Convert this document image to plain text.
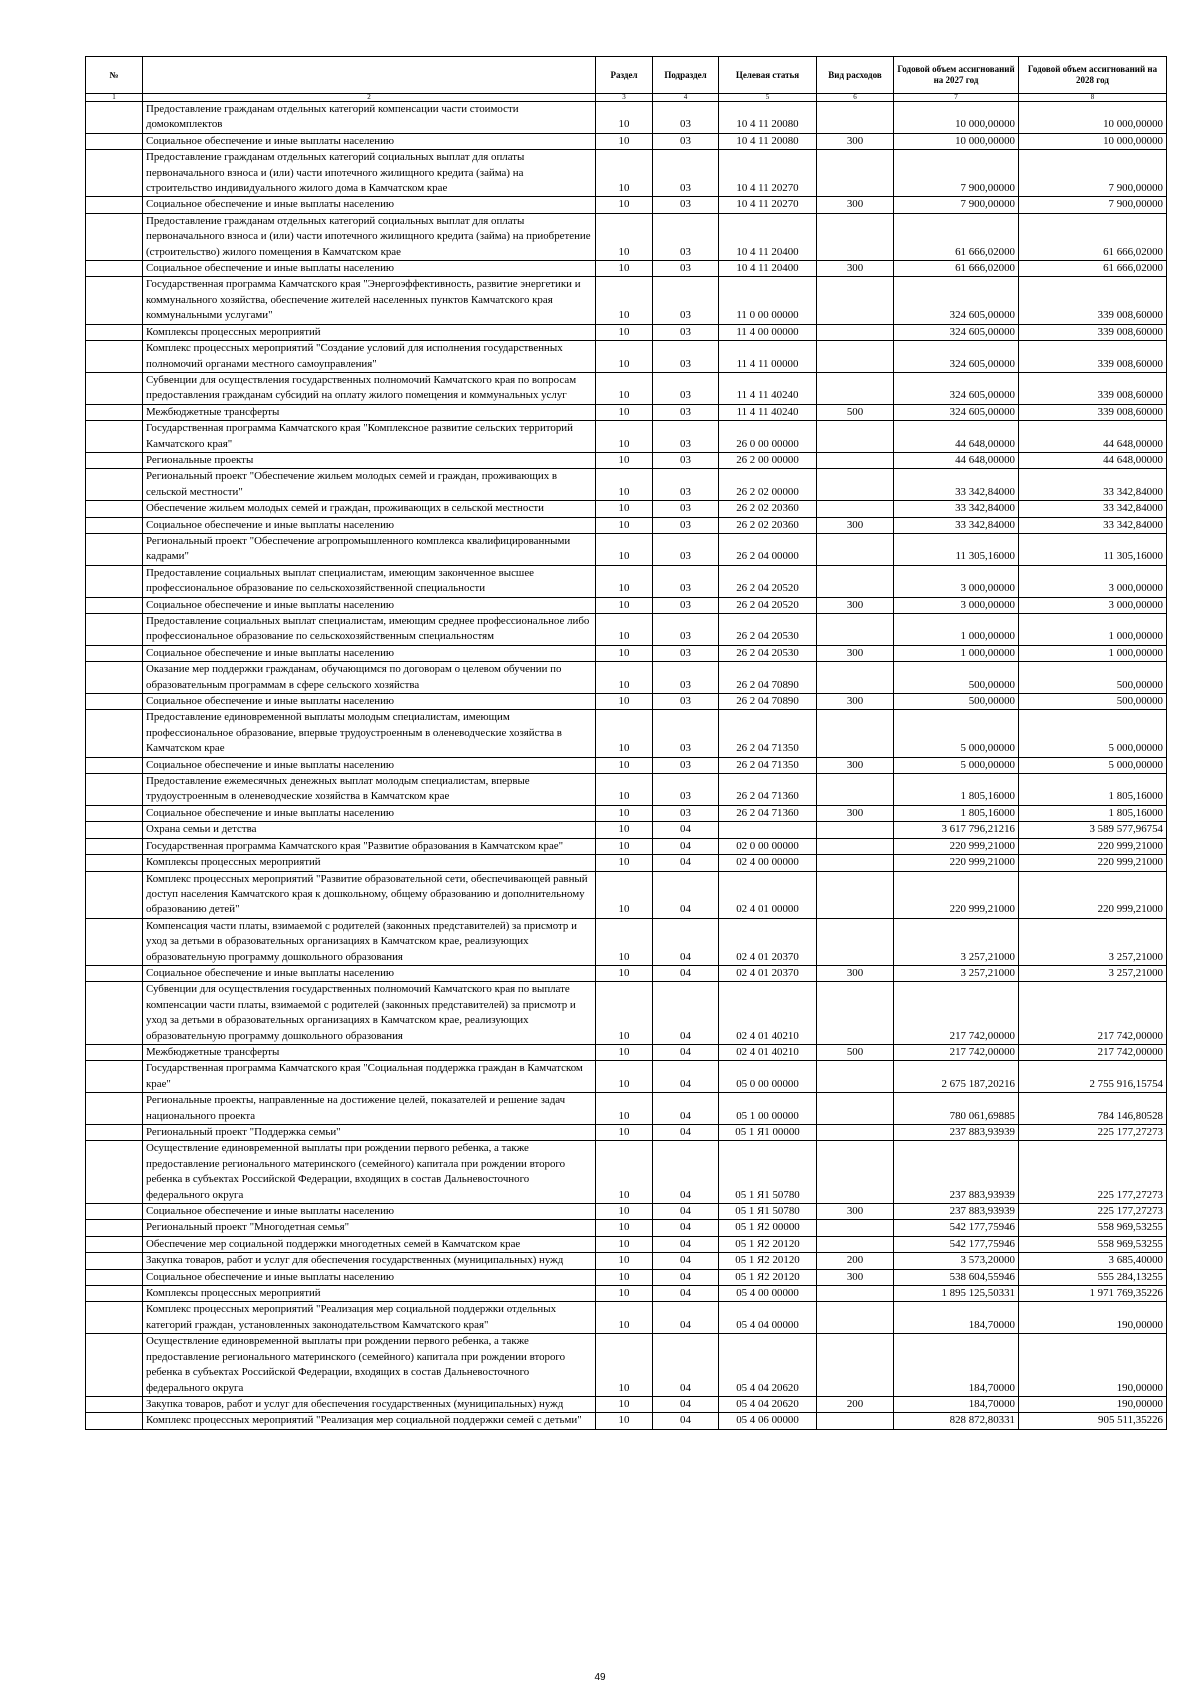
№		Раздел	Подраздел	Целевая статья	Вид расходов	Годовой объем ассигнований на 2027 год	Годовой объем ассигнований на 2028 год
1	2	3	4	5	6	7	8
	Предоставление гражданам отдельных категорий компенсации части стоимости домокомплектов	10	03	10 4 11 20080		10 000,00000	10 000,00000
	Социальное обеспечение и иные выплаты населению	10	03	10 4 11 20080	300	10 000,00000	10 000,00000
	Предоставление гражданам отдельных категорий социальных выплат для оплаты первоначального взноса и (или) части ипотечного жилищного кредита (займа) на строительство индивидуального жилого дома в Камчатском крае	10	03	10 4 11 20270		7 900,00000	7 900,00000
	Социальное обеспечение и иные выплаты населению	10	03	10 4 11 20270	300	7 900,00000	7 900,00000
	Предоставление гражданам отдельных категорий социальных выплат для оплаты первоначального взноса и (или) части ипотечного жилищного кредита (займа) на приобретение (строительство) жилого помещения в Камчатском крае	10	03	10 4 11 20400		61 666,02000	61 666,02000
	Социальное обеспечение и иные выплаты населению	10	03	10 4 11 20400	300	61 666,02000	61 666,02000
	Государственная программа Камчатского края "Энергоэффективность, развитие энергетики и коммунального хозяйства, обеспечение жителей населенных пунктов Камчатского края коммунальными услугами"	10	03	11 0 00 00000		324 605,00000	339 008,60000
	Комплексы процессных мероприятий	10	03	11 4 00 00000		324 605,00000	339 008,60000
	Комплекс процессных мероприятий "Создание условий для исполнения государственных полномочий органами местного самоуправления"	10	03	11 4 11 00000		324 605,00000	339 008,60000
	Субвенции для осуществления государственных полномочий Камчатского края по вопросам предоставления гражданам субсидий на оплату жилого помещения и коммунальных услуг	10	03	11 4 11 40240		324 605,00000	339 008,60000
	Межбюджетные трансферты	10	03	11 4 11 40240	500	324 605,00000	339 008,60000
	Государственная программа Камчатского края "Комплексное развитие сельских территорий Камчатского края"	10	03	26 0 00 00000		44 648,00000	44 648,00000
	Региональные проекты	10	03	26 2 00 00000		44 648,00000	44 648,00000
	Региональный проект "Обеспечение жильем молодых семей и граждан, проживающих в сельской местности"	10	03	26 2 02 00000		33 342,84000	33 342,84000
	Обеспечение жильем молодых семей и граждан, проживающих в сельской местности	10	03	26 2 02 20360		33 342,84000	33 342,84000
	Социальное обеспечение и иные выплаты населению	10	03	26 2 02 20360	300	33 342,84000	33 342,84000
	Региональный проект "Обеспечение агропромышленного комплекса квалифицированными кадрами"	10	03	26 2 04 00000		11 305,16000	11 305,16000
	Предоставление социальных выплат специалистам, имеющим законченное высшее профессиональное образование по сельскохозяйственной специальности	10	03	26 2 04 20520		3 000,00000	3 000,00000
	Социальное обеспечение и иные выплаты населению	10	03	26 2 04 20520	300	3 000,00000	3 000,00000
	Предоставление социальных выплат специалистам, имеющим среднее профессиональное либо профессиональное образование по сельскохозяйственным специальностям	10	03	26 2 04 20530		1 000,00000	1 000,00000
	Социальное обеспечение и иные выплаты населению	10	03	26 2 04 20530	300	1 000,00000	1 000,00000
	Оказание мер поддержки гражданам, обучающимся по договорам о целевом обучении по образовательным программам в сфере сельского хозяйства	10	03	26 2 04 70890		500,00000	500,00000
	Социальное обеспечение и иные выплаты населению	10	03	26 2 04 70890	300	500,00000	500,00000
	Предоставление единовременной выплаты молодым специалистам, имеющим профессиональное образование, впервые трудоустроенным в оленеводческие хозяйства в Камчатском крае	10	03	26 2 04 71350		5 000,00000	5 000,00000
	Социальное обеспечение и иные выплаты населению	10	03	26 2 04 71350	300	5 000,00000	5 000,00000
	Предоставление ежемесячных денежных выплат молодым специалистам, впервые трудоустроенным в оленеводческие хозяйства в Камчатском крае	10	03	26 2 04 71360		1 805,16000	1 805,16000
	Социальное обеспечение и иные выплаты населению	10	03	26 2 04 71360	300	1 805,16000	1 805,16000
	Охрана семьи и детства	10	04			3 617 796,21216	3 589 577,96754
	Государственная программа Камчатского края "Развитие образования в Камчатском крае"	10	04	02 0 00 00000		220 999,21000	220 999,21000
	Комплексы процессных мероприятий	10	04	02 4 00 00000		220 999,21000	220 999,21000
	Комплекс процессных мероприятий "Развитие образовательной сети, обеспечивающей равный доступ населения Камчатского края к дошкольному, общему образованию и дополнительному образованию детей"	10	04	02 4 01 00000		220 999,21000	220 999,21000
	Компенсация части платы, взимаемой с родителей (законных представителей) за присмотр и уход за детьми в образовательных организациях в Камчатском крае, реализующих образовательную программу дошкольного образования	10	04	02 4 01 20370		3 257,21000	3 257,21000
	Социальное обеспечение и иные выплаты населению	10	04	02 4 01 20370	300	3 257,21000	3 257,21000
	Субвенции для осуществления государственных полномочий Камчатского края по выплате компенсации части платы, взимаемой с родителей (законных представителей) за присмотр и уход за детьми в образовательных организациях в Камчатском крае, реализующих образовательную программу дошкольного образования	10	04	02 4 01 40210		217 742,00000	217 742,00000
	Межбюджетные трансферты	10	04	02 4 01 40210	500	217 742,00000	217 742,00000
	Государственная программа Камчатского края "Социальная поддержка граждан в Камчатском крае"	10	04	05 0 00 00000		2 675 187,20216	2 755 916,15754
	Региональные проекты, направленные на достижение целей, показателей и решение задач национального проекта	10	04	05 1 00 00000		780 061,69885	784 146,80528
	Региональный проект "Поддержка семьи"	10	04	05 1 Я1 00000		237 883,93939	225 177,27273
	Осуществление единовременной выплаты при рождении первого ребенка, а также предоставление регионального материнского (семейного) капитала при рождении второго ребенка в субъектах Российской Федерации, входящих в состав Дальневосточного федерального округа	10	04	05 1 Я1 50780		237 883,93939	225 177,27273
	Социальное обеспечение и иные выплаты населению	10	04	05 1 Я1 50780	300	237 883,93939	225 177,27273
	Региональный проект "Многодетная семья"	10	04	05 1 Я2 00000		542 177,75946	558 969,53255
	Обеспечение мер социальной поддержки многодетных семей в Камчатском крае	10	04	05 1 Я2 20120		542 177,75946	558 969,53255
	Закупка товаров, работ и услуг для обеспечения государственных (муниципальных) нужд	10	04	05 1 Я2 20120	200	3 573,20000	3 685,40000
	Социальное обеспечение и иные выплаты населению	10	04	05 1 Я2 20120	300	538 604,55946	555 284,13255
	Комплексы процессных мероприятий	10	04	05 4 00 00000		1 895 125,50331	1 971 769,35226
	Комплекс процессных мероприятий "Реализация мер социальной поддержки отдельных категорий граждан, установленных законодательством Камчатского края"	10	04	05 4 04 00000		184,70000	190,00000
	Осуществление единовременной выплаты при рождении первого ребенка, а также предоставление регионального материнского (семейного) капитала при рождении второго ребенка в субъектах Российской Федерации, входящих в состав Дальневосточного федерального округа	10	04	05 4 04 20620		184,70000	190,00000
	Закупка товаров, работ и услуг для обеспечения государственных (муниципальных) нужд	10	04	05 4 04 20620	200	184,70000	190,00000
	Комплекс процессных мероприятий "Реализация мер социальной поддержки семей с детьми"	10	04	05 4 06 00000		828 872,80331	905 511,35226
49
